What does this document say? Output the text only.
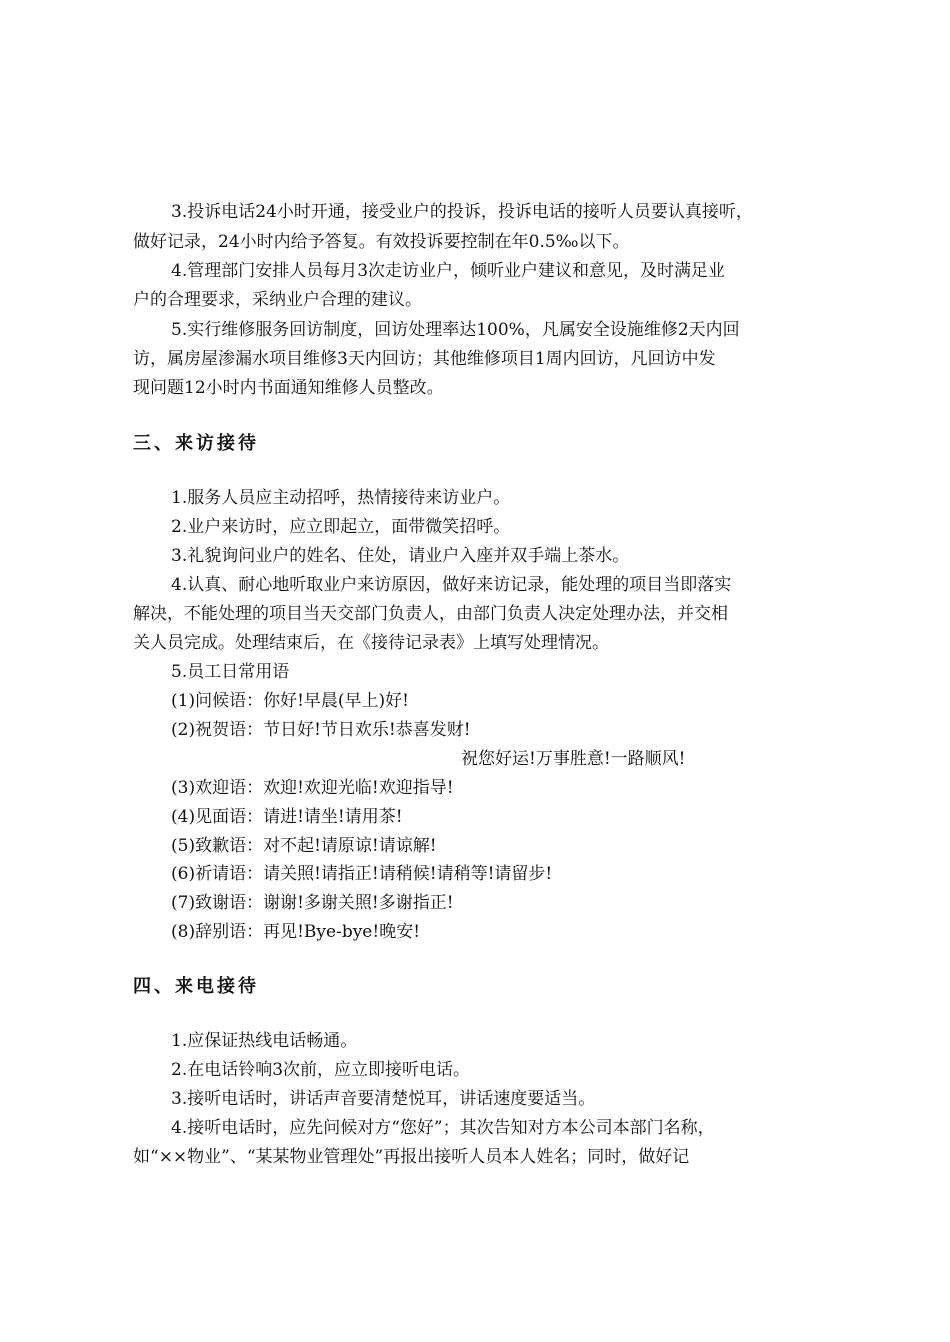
3.投诉电话24小时开通，接受业户的投诉，投诉电话的接听人员要认真接听，
做好记录，24小时内给予答复。有效投诉要控制在年0.5‰以下。
4.管理部门安排人员每月3次走访业户，倾听业户建议和意见，及时满足业
户的合理要求，采纳业户合理的建议。
5.实行维修服务回访制度，回访处理率达100%，凡属安全设施维修2天内回
访，属房屋渗漏水项目维修3天内回访；其他维修项目1周内回访，凡回访中发
现问题12小时内书面通知维修人员整改。
三、来访接待
1.服务人员应主动招呼，热情接待来访业户。
2.业户来访时，应立即起立，面带微笑招呼。
3.礼貌询问业户的姓名、住处，请业户入座并双手端上茶水。
4.认真、耐心地听取业户来访原因，做好来访记录，能处理的项目当即落实
解决，不能处理的项目当天交部门负责人，由部门负责人决定处理办法，并交相
关人员完成。处理结束后，在《接待记录表》上填写处理情况。
5.员工日常用语
(1)问候语：你好!早晨(早上)好!
(2)祝贺语：节日好!节日欢乐!恭喜发财!
祝您好运!万事胜意!一路顺风!
(3)欢迎语：欢迎!欢迎光临!欢迎指导!
(4)见面语：请进!请坐!请用茶!
(5)致歉语：对不起!请原谅!请谅解!
(6)祈请语：请关照!请指正!请稍候!请稍等!请留步!
(7)致谢语：谢谢!多谢关照!多谢指正!
(8)辞别语：再见!Bye-bye!晚安!
四、来电接待
1.应保证热线电话畅通。
2.在电话铃响3次前，应立即接听电话。
3.接听电话时，讲话声音要清楚悦耳，讲话速度要适当。
4.接听电话时，应先问候对方“您好”；其次告知对方本公司本部门名称，
如“××物业”、“某某物业管理处”再报出接听人员本人姓名；同时，做好记
